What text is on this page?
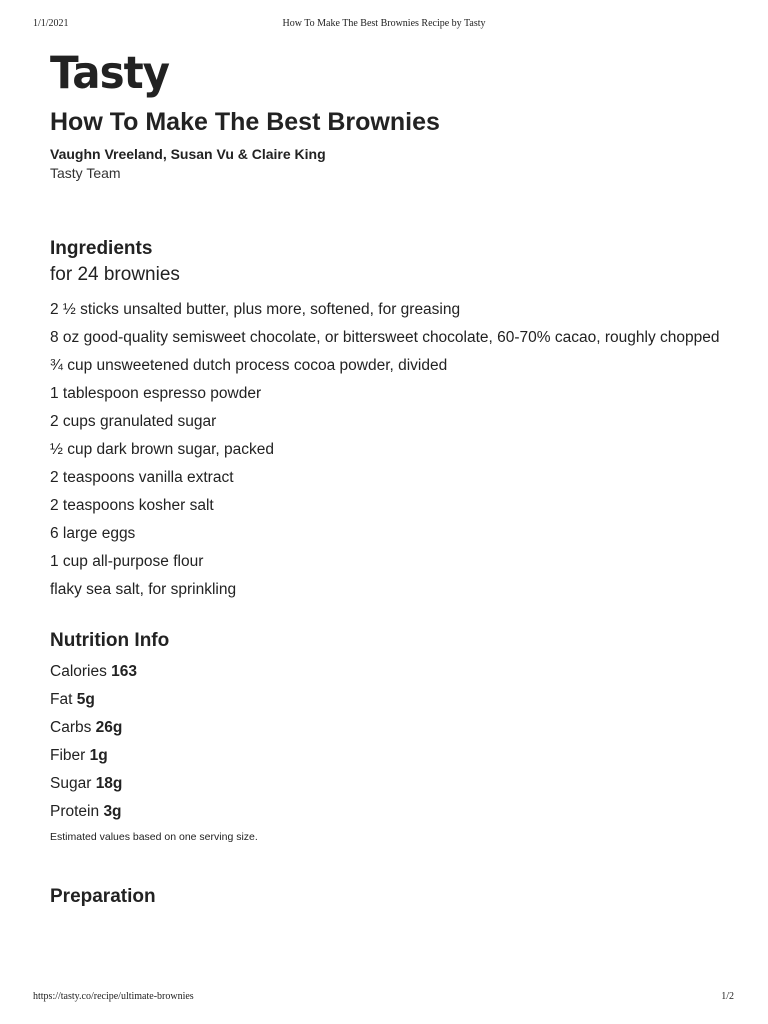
1/1/2021	How To Make The Best Brownies Recipe by Tasty
Tasty
How To Make The Best Brownies
Vaughn Vreeland, Susan Vu & Claire King
Tasty Team
Ingredients
for 24 brownies
2 ½ sticks unsalted butter, plus more, softened, for greasing
8 oz good-quality semisweet chocolate, or bittersweet chocolate, 60-70% cacao, roughly chopped
¾ cup unsweetened dutch process cocoa powder, divided
1 tablespoon espresso powder
2 cups granulated sugar
½ cup dark brown sugar, packed
2 teaspoons vanilla extract
2 teaspoons kosher salt
6 large eggs
1 cup all-purpose flour
flaky sea salt, for sprinkling
Nutrition Info
Calories 163
Fat 5g
Carbs 26g
Fiber 1g
Sugar 18g
Protein 3g
Estimated values based on one serving size.
Preparation
https://tasty.co/recipe/ultimate-brownies	1/2
